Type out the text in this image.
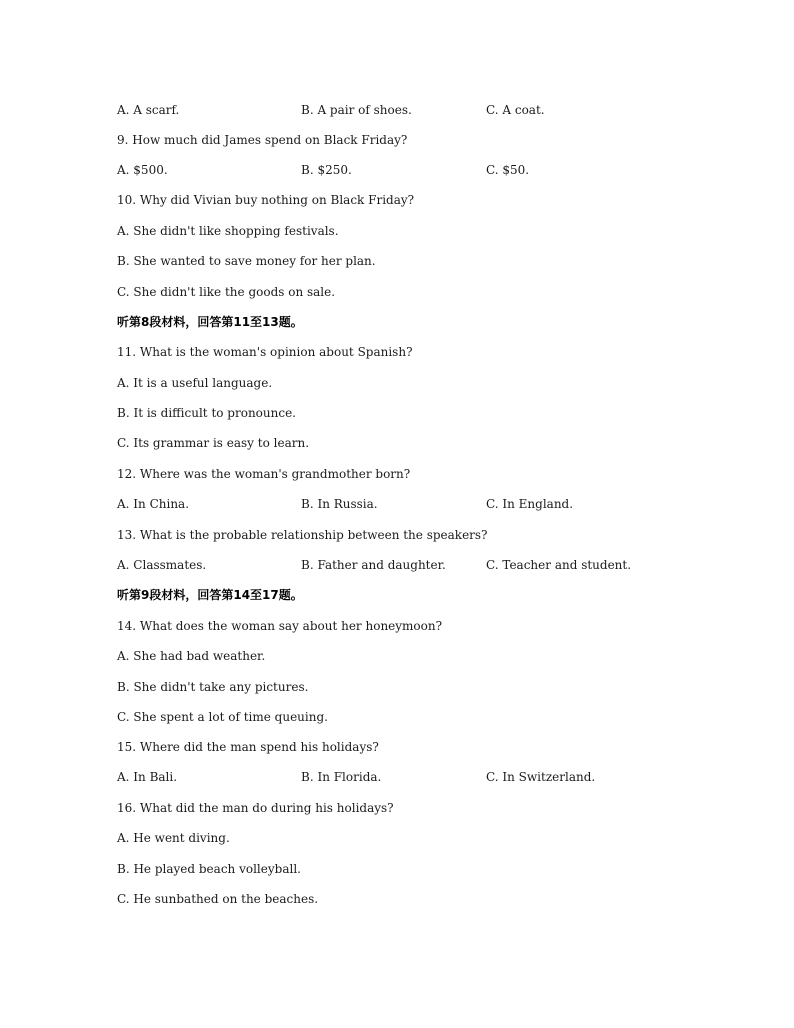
A. A scarf.	B. A pair of shoes.	C. A coat.
9. How much did James spend on Black Friday?
A. $500.	B. $250.	C. $50.
10. Why did Vivian buy nothing on Black Friday?
A. She didn't like shopping festivals.
B. She wanted to save money for her plan.
C. She didn't like the goods on sale.
听第8段材料，回答第11至13题。
11. What is the woman's opinion about Spanish?
A. It is a useful language.
B. It is difficult to pronounce.
C. Its grammar is easy to learn.
12. Where was the woman's grandmother born?
A. In China.	B. In Russia.	C. In England.
13. What is the probable relationship between the speakers?
A. Classmates.	B. Father and daughter.	C. Teacher and student.
听第9段材料，回答第14至17题。
14. What does the woman say about her honeymoon?
A. She had bad weather.
B. She didn't take any pictures.
C. She spent a lot of time queuing.
15. Where did the man spend his holidays?
A. In Bali.	B. In Florida.	C. In Switzerland.
16. What did the man do during his holidays?
A. He went diving.
B. He played beach volleyball.
C. He sunbathed on the beaches.
